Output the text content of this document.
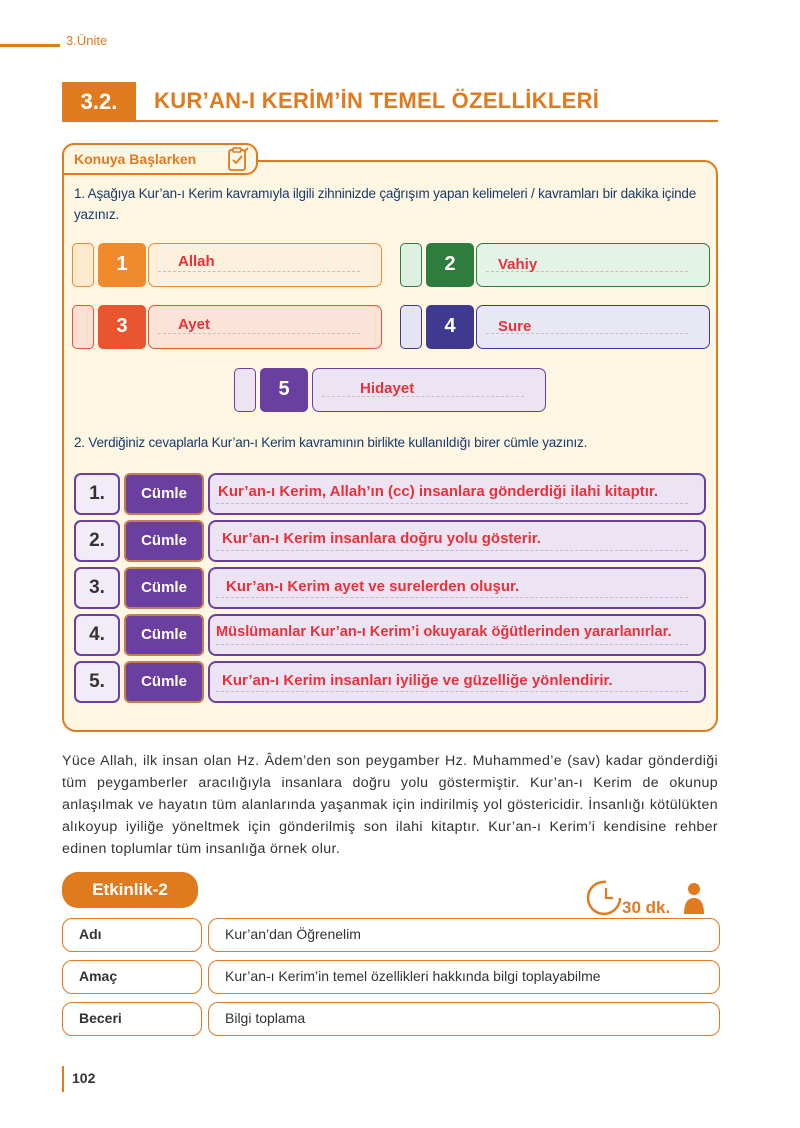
3.Ünite
3.2.	KUR’AN-I KERİM’İN TEMEL ÖZELLİKLERİ
Konuya Başlarken
1. Aşağıya Kur’an-ı Kerim kavramıyla ilgili zihninizde çağrışım yapan kelimeleri / kavramları bir dakika içinde yazınız.
1	Allah	2	Vahiy
3	Ayet	4	Sure
5	Hidayet
2. Verdiğiniz cevaplarla Kur’an-ı Kerim kavramının birlikte kullanıldığı birer cümle yazınız.
1.	Cümle	Kur’an-ı Kerim, Allah’ın (cc) insanlara gönderdiği ilahi kitaptır.
2.	Cümle	Kur’an-ı Kerim insanlara doğru yolu gösterir.
3.	Cümle	Kur’an-ı Kerim ayet ve surelerden oluşur.
4.	Cümle	Müslümanlar Kur’an-ı Kerim’i okuyarak öğütlerinden yararlanırlar.
5.	Cümle	Kur’an-ı Kerim insanları iyiliğe ve güzelliğe yönlendirir.
Yüce Allah, ilk insan olan Hz. Âdem’den son peygamber Hz. Muhammed’e (sav) kadar gönderdiği tüm peygamberler aracılığıyla insanlara doğru yolu göstermiştir. Kur’an-ı Kerim de okunup anlaşılmak ve hayatın tüm alanlarında yaşanmak için indirilmiş yol göstericidir. İnsanlığı kötülükten alıkoyup iyiliğe yöneltmek için gönderilmiş son ilahi kitaptır. Kur’an-ı Kerim’i kendisine rehber edinen toplumlar tüm insanlığa örnek olur.
Etkinlik-2
30 dk.
Adı	Kur’an’dan Öğrenelim
Amaç	Kur’an-ı Kerim’in temel özellikleri hakkında bilgi toplayabilme
Beceri	Bilgi toplama
102
